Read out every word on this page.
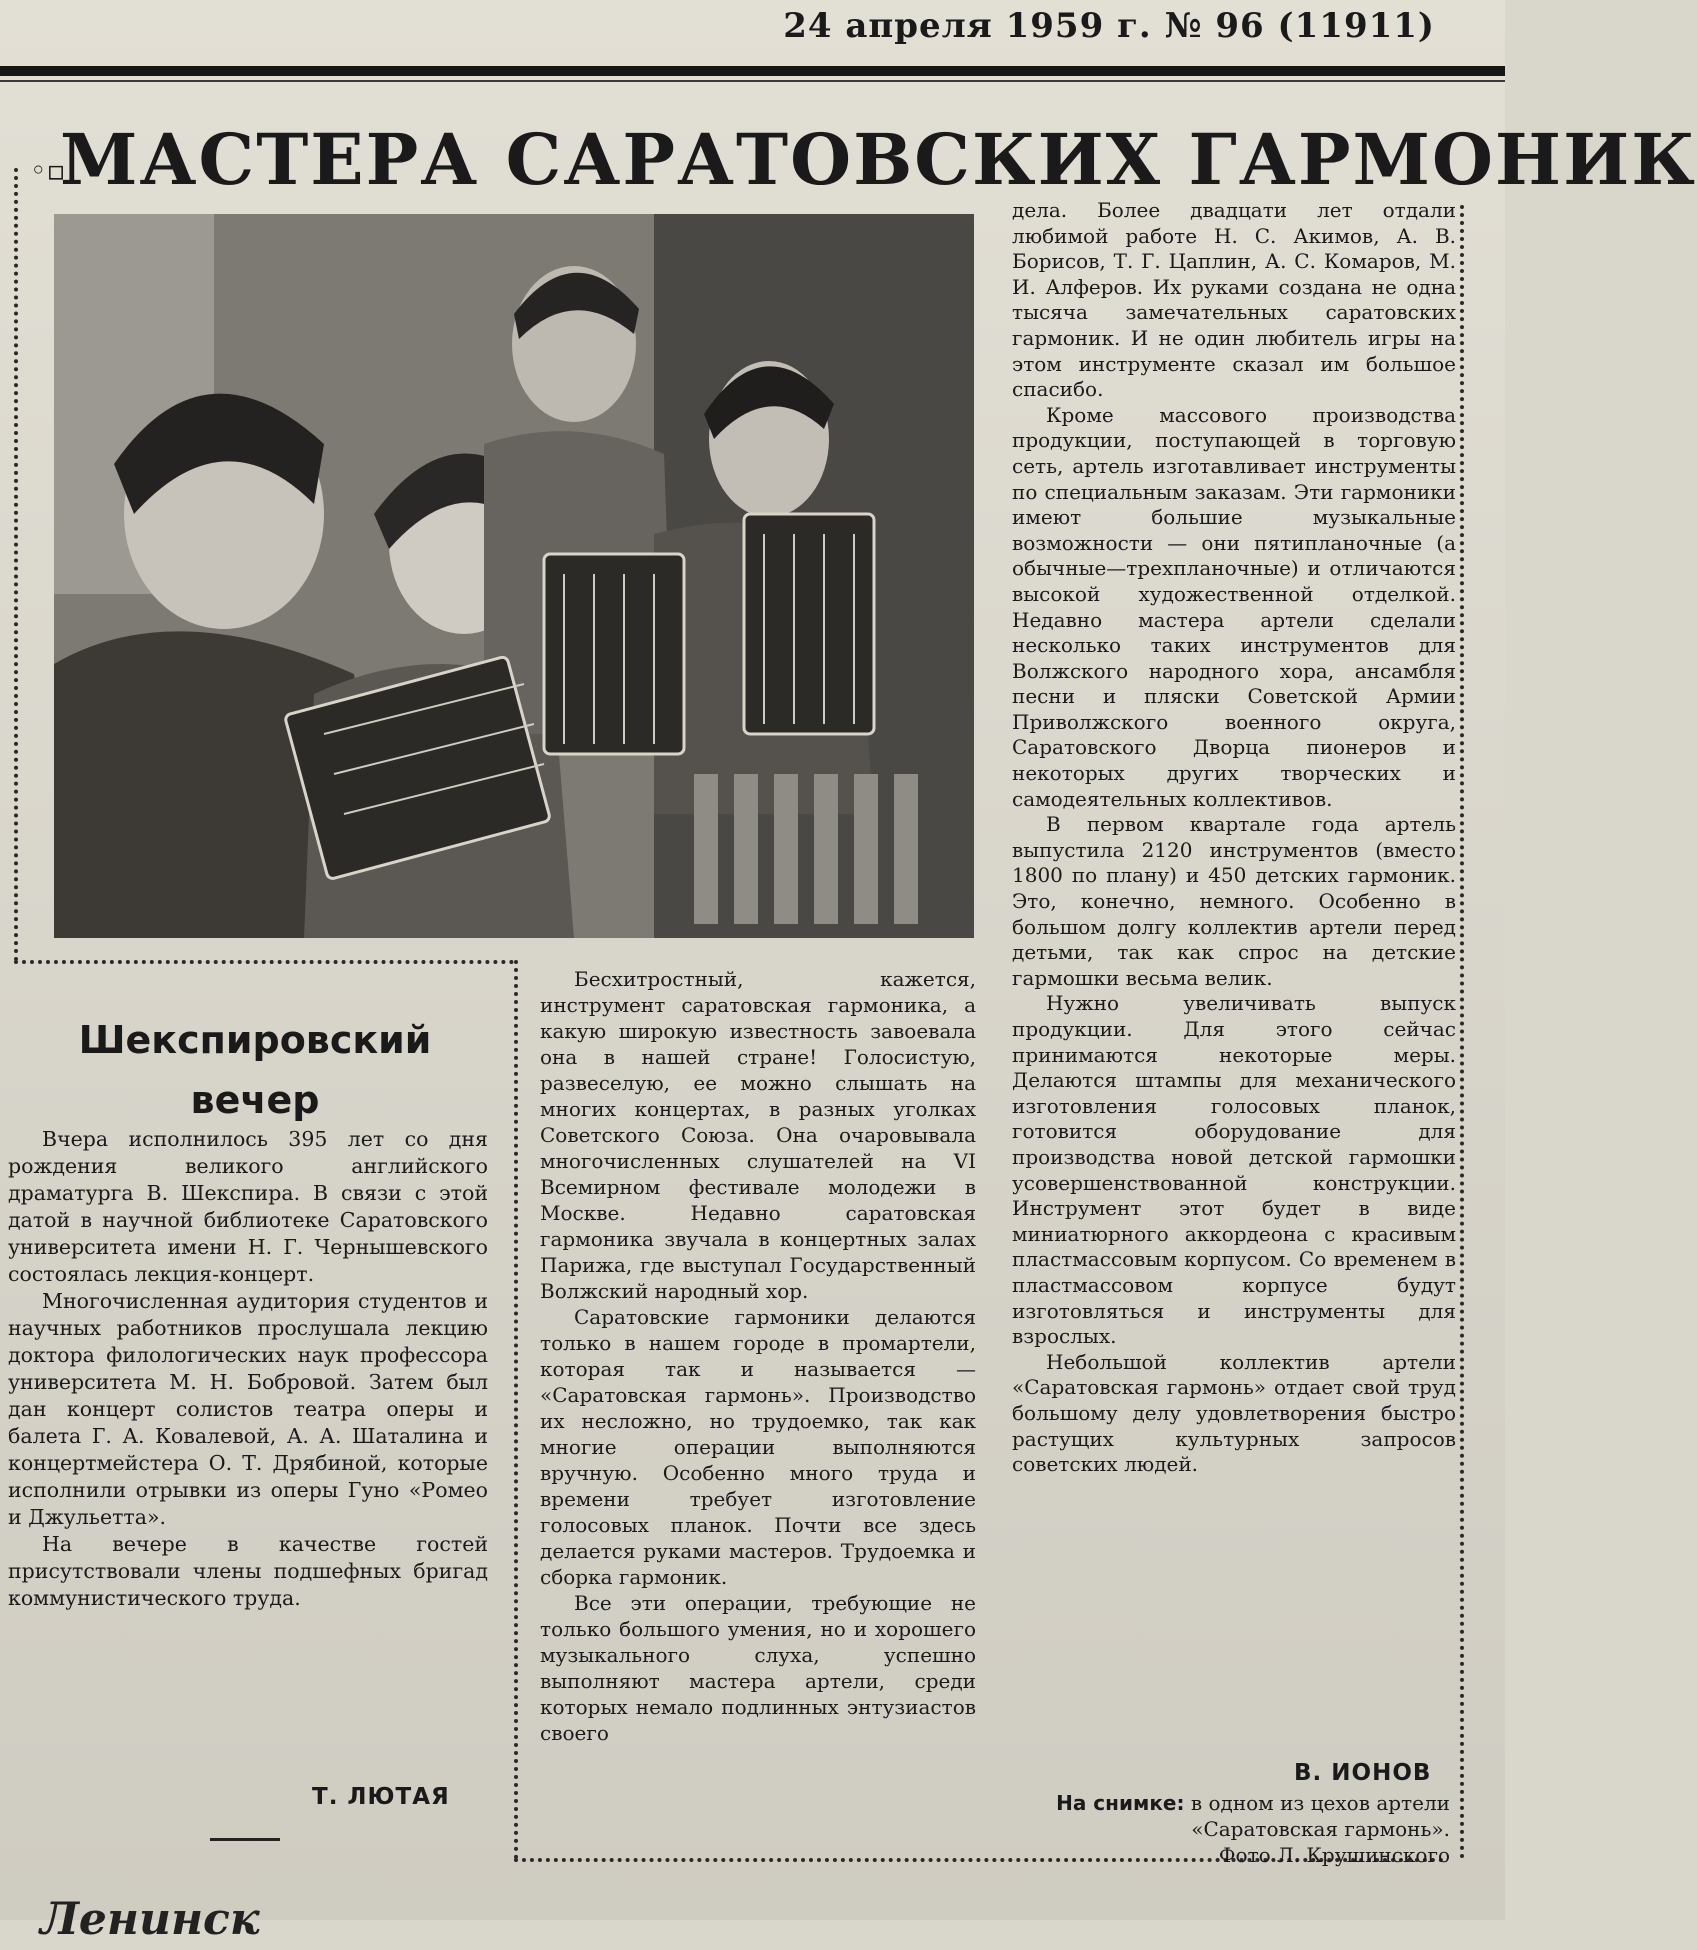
24 апреля 1959 г. № 96 (11911)
◦▫
МАСТЕРА САРАТОВСКИХ ГАРМОНИК
Шекспировский
вечер

Вчера исполнилось 395 лет со дня рождения великого английского драматурга В. Шекспира. В связи с этой датой в научной библиотеке Саратовского университета имени Н. Г. Чернышевского состоялась лекция-концерт.

Многочисленная аудитория студентов и научных работников прослушала лекцию доктора филологических наук профессора университета М. Н. Бобровой. Затем был дан концерт солистов театра оперы и балета Г. А. Ковалевой, А. А. Шаталина и концертмейстера О. Т. Дрябиной, которые исполнили отрывки из оперы Гуно «Ромео и Джульетта».

На вечере в качестве гостей присутствовали члены подшефных бригад коммунистического труда.

Т. ЛЮТАЯ

Бесхитростный, кажется, инструмент саратовская гармоника, а какую широкую известность завоевала она в нашей стране! Голосистую, развеселую, ее можно слышать на многих концертах, в разных уголках Советского Союза. Она очаровывала многочисленных слушателей на VI Всемирном фестивале молодежи в Москве. Недавно саратовская гармоника звучала в концертных залах Парижа, где выступал Государственный Волжский народный хор.

Саратовские гармоники делаются только в нашем городе в промартели, которая так и называется — «Саратовская гармонь». Производство их несложно, но трудоемко, так как многие операции выполняются вручную. Особенно много труда и времени требует изготовление голосовых планок. Почти все здесь делается руками мастеров. Трудоемка и сборка гармоник.

Все эти операции, требующие не только большого умения, но и хорошего музыкального слуха, успешно выполняют мастера артели, среди которых немало подлинных энтузиастов своего

дела. Более двадцати лет отдали любимой работе Н. С. Акимов, А. В. Борисов, Т. Г. Цаплин, А. С. Комаров, М. И. Алферов. Их руками создана не одна тысяча замечательных саратовских гармоник. И не один любитель игры на этом инструменте сказал им большое спасибо.

Кроме массового производства продукции, поступающей в торговую сеть, артель изготавливает инструменты по специальным заказам. Эти гармоники имеют большие музыкальные возможности — они пятипланочные (а обычные—трехпланочные) и отличаются высокой художественной отделкой. Недавно мастера артели сделали несколько таких инструментов для Волжского народного хора, ансамбля песни и пляски Советской Армии Приволжского военного округа, Саратовского Дворца пионеров и некоторых других творческих и самодеятельных коллективов.

В первом квартале года артель выпустила 2120 инструментов (вместо 1800 по плану) и 450 детских гармоник. Это, конечно, немного. Особенно в большом долгу коллектив артели перед детьми, так как спрос на детские гармошки весьма велик.

Нужно увеличивать выпуск продукции. Для этого сейчас принимаются некоторые меры. Делаются штампы для механического изготовления голосовых планок, готовится оборудование для производства новой детской гармошки усовершенствованной конструкции. Инструмент этот будет в виде миниатюрного аккордеона с красивым пластмассовым корпусом. Со временем в пластмассовом корпусе будут изготовляться и инструменты для взрослых.

Небольшой коллектив артели «Саратовская гармонь» отдает свой труд большому делу удовлетворения быстро растущих культурных запросов советских людей.

В. ИОНОВ
На снимке: в одном из цехов артели «Саратовская гармонь».
Фото Л. Крушинского
Ленинск
